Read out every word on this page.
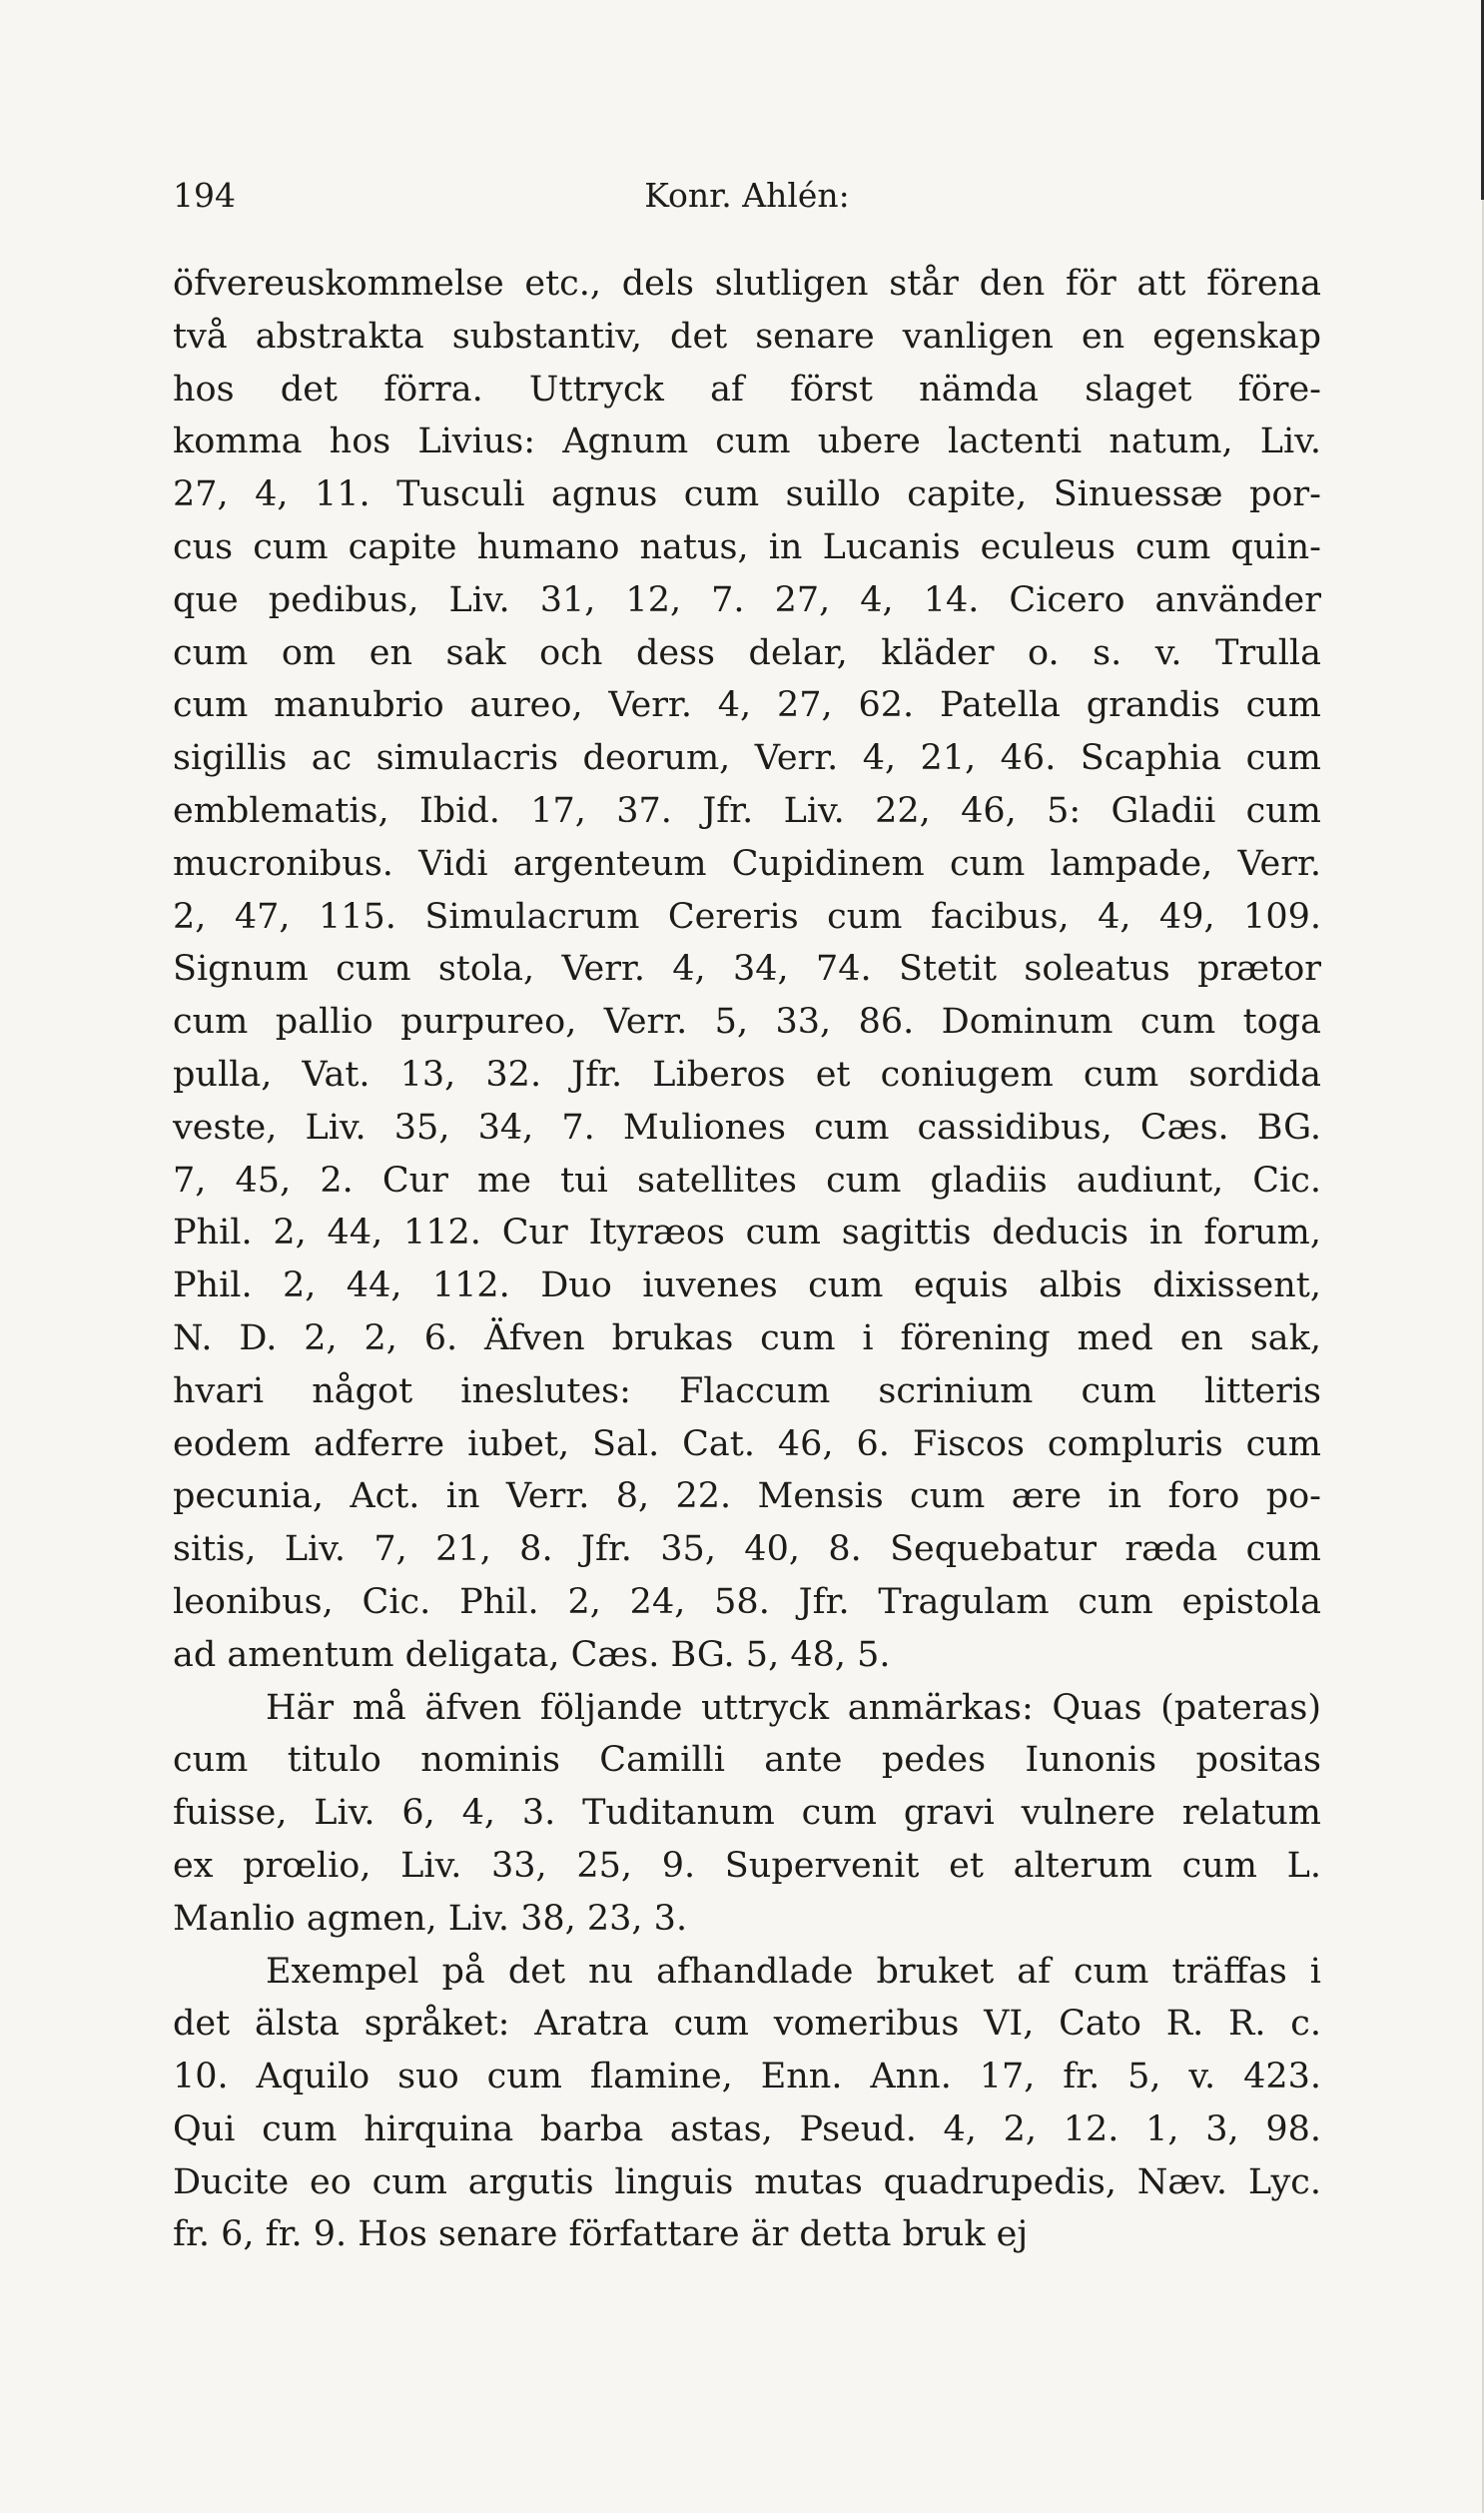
194	Konr. Ahlén:
öfvereuskommelse etc., dels slutligen står den för att förena
två abstrakta substantiv, det senare vanligen en egenskap
hos det förra. Uttryck af först nämda slaget före-
komma hos Livius: Agnum cum ubere lactenti natum, Liv.
27, 4, 11. Tusculi agnus cum suillo capite, Sinuessæ por-
cus cum capite humano natus, in Lucanis eculeus cum quin-
que pedibus, Liv. 31, 12, 7. 27, 4, 14. Cicero använder
cum om en sak och dess delar, kläder o. s. v. Trulla
cum manubrio aureo, Verr. 4, 27, 62. Patella grandis cum
sigillis ac simulacris deorum, Verr. 4, 21, 46. Scaphia cum
emblematis, Ibid. 17, 37. Jfr. Liv. 22, 46, 5: Gladii cum
mucronibus. Vidi argenteum Cupidinem cum lampade, Verr.
2, 47, 115. Simulacrum Cereris cum facibus, 4, 49, 109.
Signum cum stola, Verr. 4, 34, 74. Stetit soleatus prætor
cum pallio purpureo, Verr. 5, 33, 86. Dominum cum toga
pulla, Vat. 13, 32. Jfr. Liberos et coniugem cum sordida
veste, Liv. 35, 34, 7. Muliones cum cassidibus, Cæs. BG.
7, 45, 2. Cur me tui satellites cum gladiis audiunt, Cic.
Phil. 2, 44, 112. Cur Ityræos cum sagittis deducis in forum,
Phil. 2, 44, 112. Duo iuvenes cum equis albis dixissent,
N. D. 2, 2, 6. Äfven brukas cum i förening med en sak,
hvari något ineslutes: Flaccum scrinium cum litteris
eodem adferre iubet, Sal. Cat. 46, 6. Fiscos compluris cum
pecunia, Act. in Verr. 8, 22. Mensis cum ære in foro po-
sitis, Liv. 7, 21, 8. Jfr. 35, 40, 8. Sequebatur ræda cum
leonibus, Cic. Phil. 2, 24, 58. Jfr. Tragulam cum epistola
ad amentum deligata, Cæs. BG. 5, 48, 5.
Här må äfven följande uttryck anmärkas: Quas (pateras)
cum titulo nominis Camilli ante pedes Iunonis positas
fuisse, Liv. 6, 4, 3. Tuditanum cum gravi vulnere relatum
ex prœlio, Liv. 33, 25, 9. Supervenit et alterum cum L.
Manlio agmen, Liv. 38, 23, 3.
Exempel på det nu afhandlade bruket af cum träffas i
det älsta språket: Aratra cum vomeribus VI, Cato R. R. c.
10. Aquilo suo cum flamine, Enn. Ann. 17, fr. 5, v. 423.
Qui cum hirquina barba astas, Pseud. 4, 2, 12. 1, 3, 98.
Ducite eo cum argutis linguis mutas quadrupedis, Næv. Lyc.
fr. 6, fr. 9. Hos senare författare är detta bruk ej
